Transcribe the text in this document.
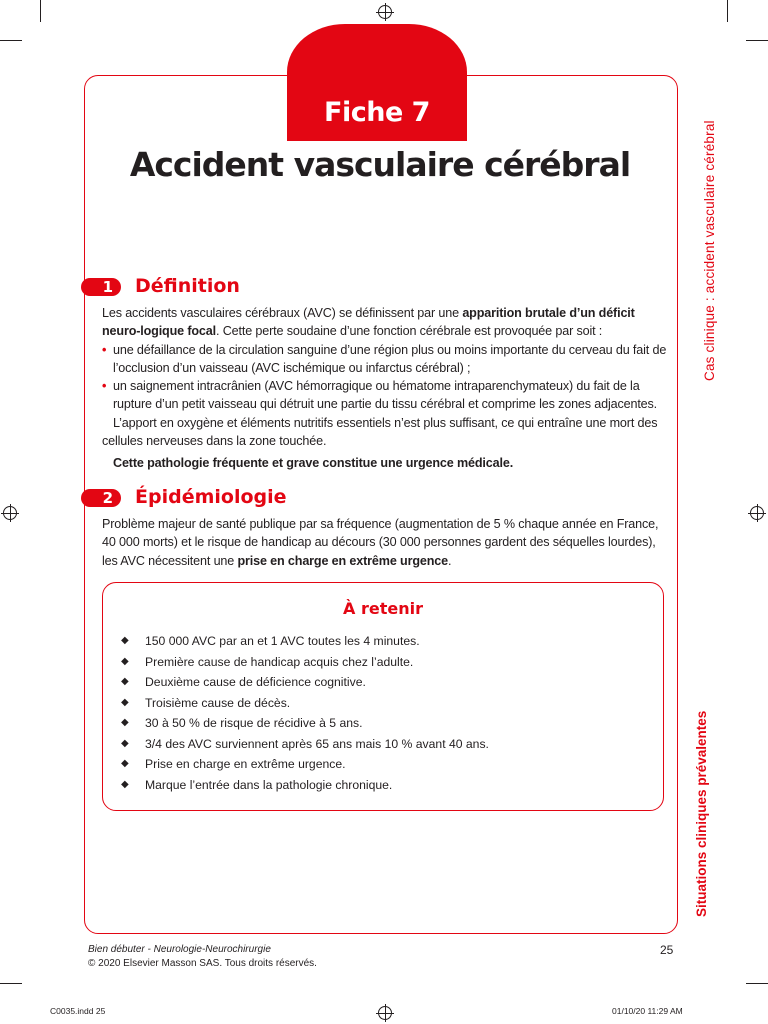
Fiche 7
Accident vasculaire cérébral
1	Définition

Les accidents vasculaires cérébraux (AVC) se définissent par une apparition brutale d’un déficit neuro-logique focal. Cette perte soudaine d’une fonction cérébrale est provoquée par soit :

• une défaillance de la circulation sanguine d’une région plus ou moins importante du cerveau du fait de l’occlusion d’un vaisseau (AVC ischémique ou infarctus cérébral) ;
• un saignement intracrânien (AVC hémorragique ou hématome intraparenchymateux) du fait de la rupture d’un petit vaisseau qui détruit une partie du tissu cérébral et comprime les zones adjacentes.

L’apport en oxygène et éléments nutritifs essentiels n’est plus suffisant, ce qui entraîne une mort des cellules nerveuses dans la zone touchée.

Cette pathologie fréquente et grave constitue une urgence médicale.

2	Épidémiologie

Problème majeur de santé publique par sa fréquence (augmentation de 5 % chaque année en France, 40 000 morts) et le risque de handicap au décours (30 000 personnes gardent des séquelles lourdes), les AVC nécessitent une prise en charge en extrême urgence.

À retenir
◆ 150 000 AVC par an et 1 AVC toutes les 4 minutes.
◆ Première cause de handicap acquis chez l’adulte.
◆ Deuxième cause de déficience cognitive.
◆ Troisième cause de décès.
◆ 30 à 50 % de risque de récidive à 5 ans.
◆ 3/4 des AVC surviennent après 65 ans mais 10 % avant 40 ans.
◆ Prise en charge en extrême urgence.
◆ Marque l’entrée dans la pathologie chronique.
Cas clinique : accident vasculaire cérébral
Situations cliniques prévalentes
Bien débuter - Neurologie-Neurochirurgie
© 2020 Elsevier Masson SAS. Tous droits réservés.
25
C0035.indd 25	01/10/20 11:29 AM
